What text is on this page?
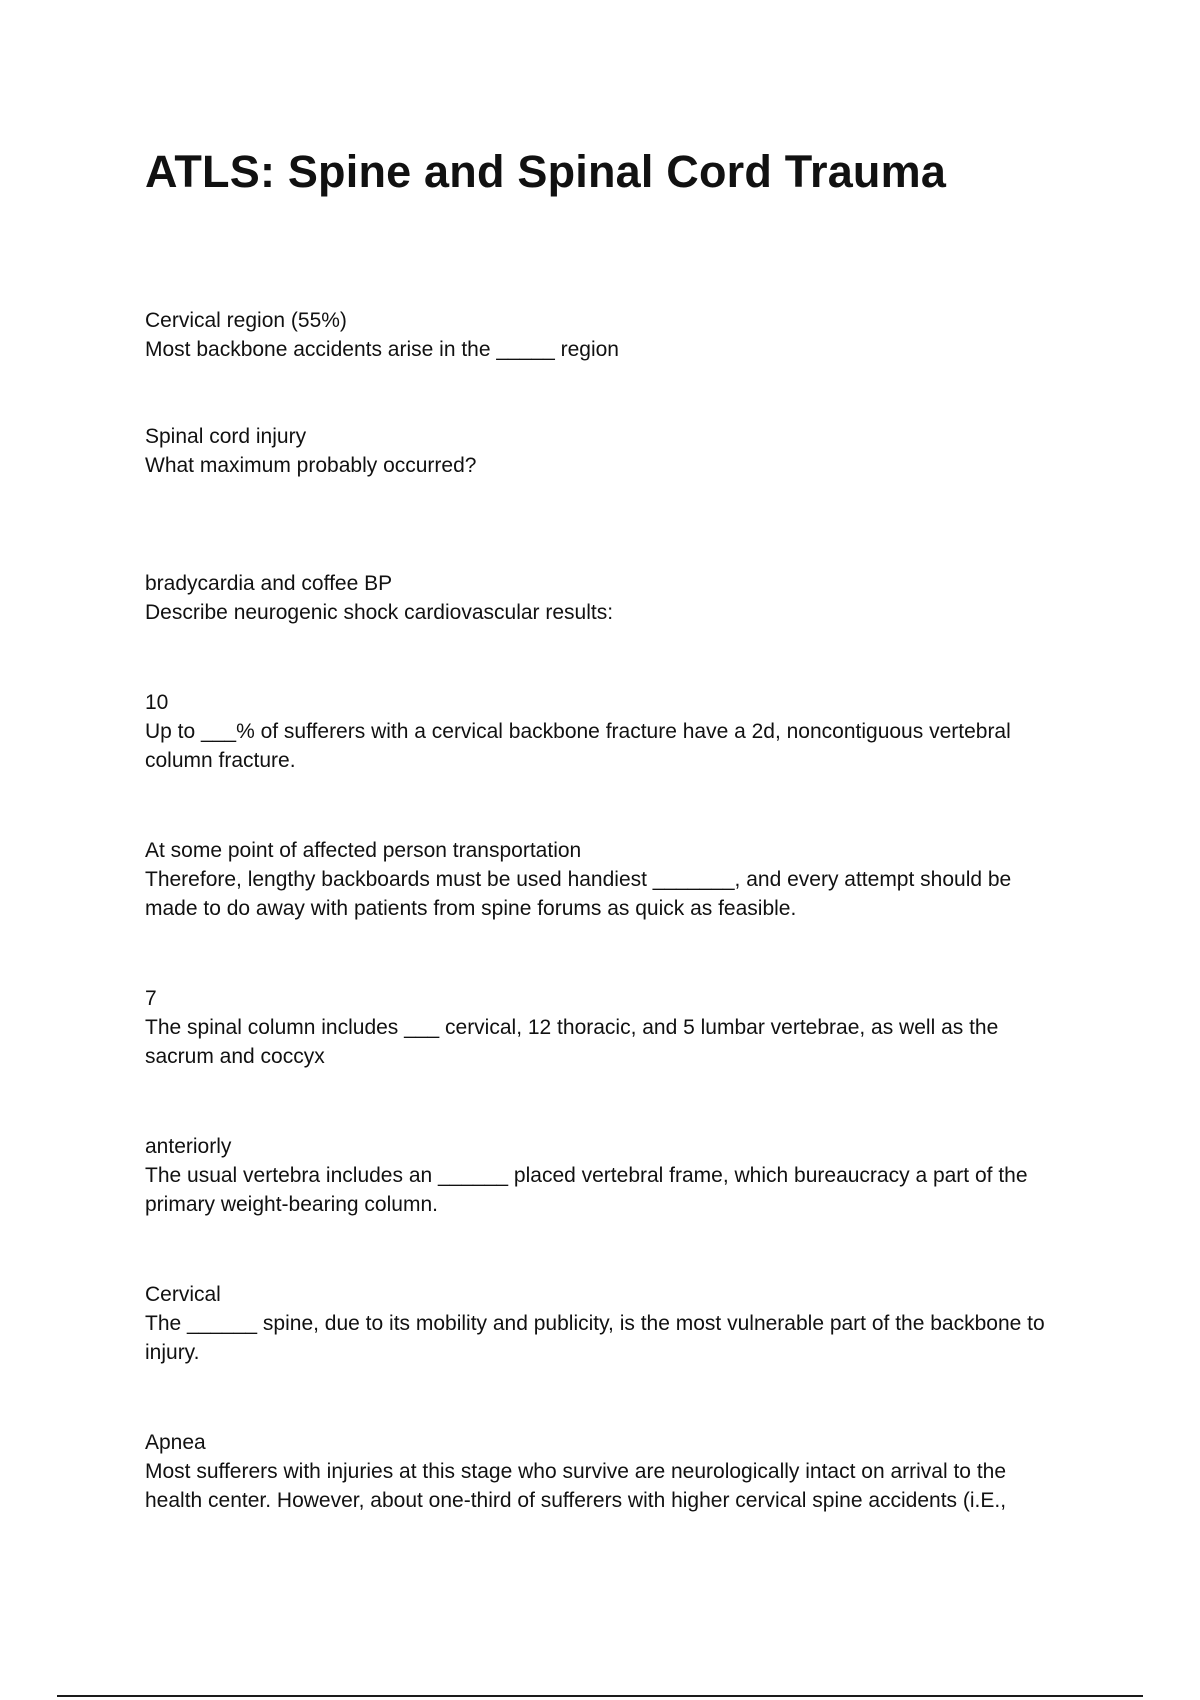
ATLS: Spine and Spinal Cord Trauma

Cervical region (55%)

Most backbone accidents arise in the _____ region

Spinal cord injury

What maximum probably occurred?

bradycardia and coffee BP

Describe neurogenic shock cardiovascular results:

10

Up to ___% of sufferers with a cervical backbone fracture have a 2d, noncontiguous vertebral column fracture.

At some point of affected person transportation

Therefore, lengthy backboards must be used handiest _______, and every attempt should be made to do away with patients from spine forums as quick as feasible.

7

The spinal column includes ___ cervical, 12 thoracic, and 5 lumbar vertebrae, as well as the sacrum and coccyx

anteriorly

The usual vertebra includes an ______ placed vertebral frame, which bureaucracy a part of the primary weight-bearing column.

Cervical

The ______ spine, due to its mobility and publicity, is the most vulnerable part of the backbone to injury.

Apnea

Most sufferers with injuries at this stage who survive are neurologically intact on arrival to the health center. However, about one-third of sufferers with higher cervical spine accidents (i.E.,
